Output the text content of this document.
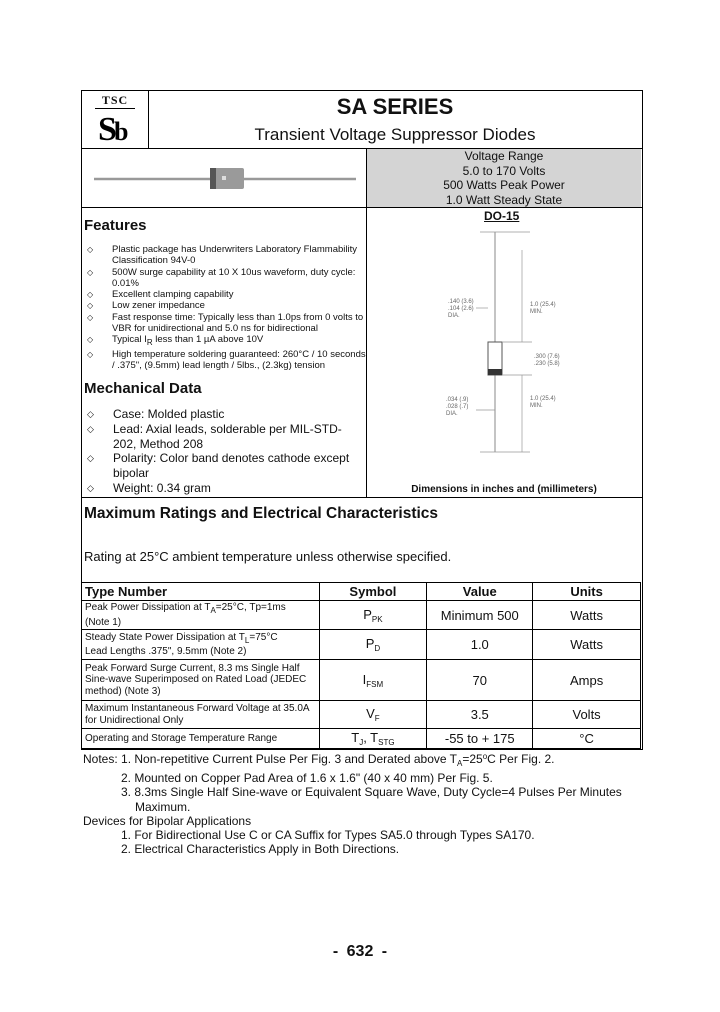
TSC
S
b
SA SERIES
Transient Voltage Suppressor Diodes
Voltage Range
5.0 to 170 Volts
500 Watts Peak Power
1.0 Watt Steady State
Features
◇ Plastic package has Underwriters Laboratory Flammability Classification 94V-0
◇ 500W surge capability at 10 X 10us waveform, duty cycle: 0.01%
◇ Excellent clamping capability
◇ Low zener impedance
◇ Fast response time: Typically less than 1.0ps from 0 volts to VBR for unidirectional and 5.0 ns for bidirectional
◇ Typical $I_R$ less than 1 µA above 10V
◇ High temperature soldering guaranteed: 260°C / 10 seconds / .375", (9.5mm) lead length / 5lbs., (2.3kg) tension
Mechanical Data
◇ Case: Molded plastic
◇ Lead: Axial leads, solderable per MIL-STD-202, Method 208
◇ Polarity: Color band denotes cathode except bipolar
◇ Weight: 0.34 gram
DO-15
.140 (3.6)
.104 (2.6)
DIA.
1.0 (25.4)
MIN.
.300 (7.6)
.230 (5.8)
.034 (.9)
.028 (.7)
DIA.
1.0 (25.4)
MIN.
Dimensions in inches and (millimeters)
Maximum Ratings and Electrical Characteristics
Rating at 25°C ambient temperature unless otherwise specified.
Type Number	Symbol	Value	Units
Peak Power Dissipation at $T_A=25^\circ C$, Tp=1ms
(Note 1)	$P_{PK}$	Minimum 500	Watts
Steady State Power Dissipation at $T_L=75^\circ C$
Lead Lengths .375", 9.5mm (Note 2)	$P_D$	1.0	Watts
Peak Forward Surge Current, 8.3 ms Single Half Sine-wave Superimposed on Rated Load (JEDEC method) (Note 3)	$I_{FSM}$	70	Amps
Maximum Instantaneous Forward Voltage at 35.0A for Unidirectional Only	$V_F$	3.5	Volts
Operating and Storage Temperature Range	$T_J$, $T_{STG}$	-55 to + 175	°C
Notes: 1. Non-repetitive Current Pulse Per Fig. 3 and Derated above $T_A=25^oC$ Per Fig. 2.
2. Mounted on Copper Pad Area of 1.6 x 1.6" (40 x 40 mm) Per Fig. 5.
3. 8.3ms Single Half Sine-wave or Equivalent Square Wave, Duty Cycle=4 Pulses Per Minutes
Maximum.
Devices for Bipolar Applications
1. For Bidirectional Use C or CA Suffix for Types SA5.0 through Types SA170.
2. Electrical Characteristics Apply in Both Directions.
- 632 -
